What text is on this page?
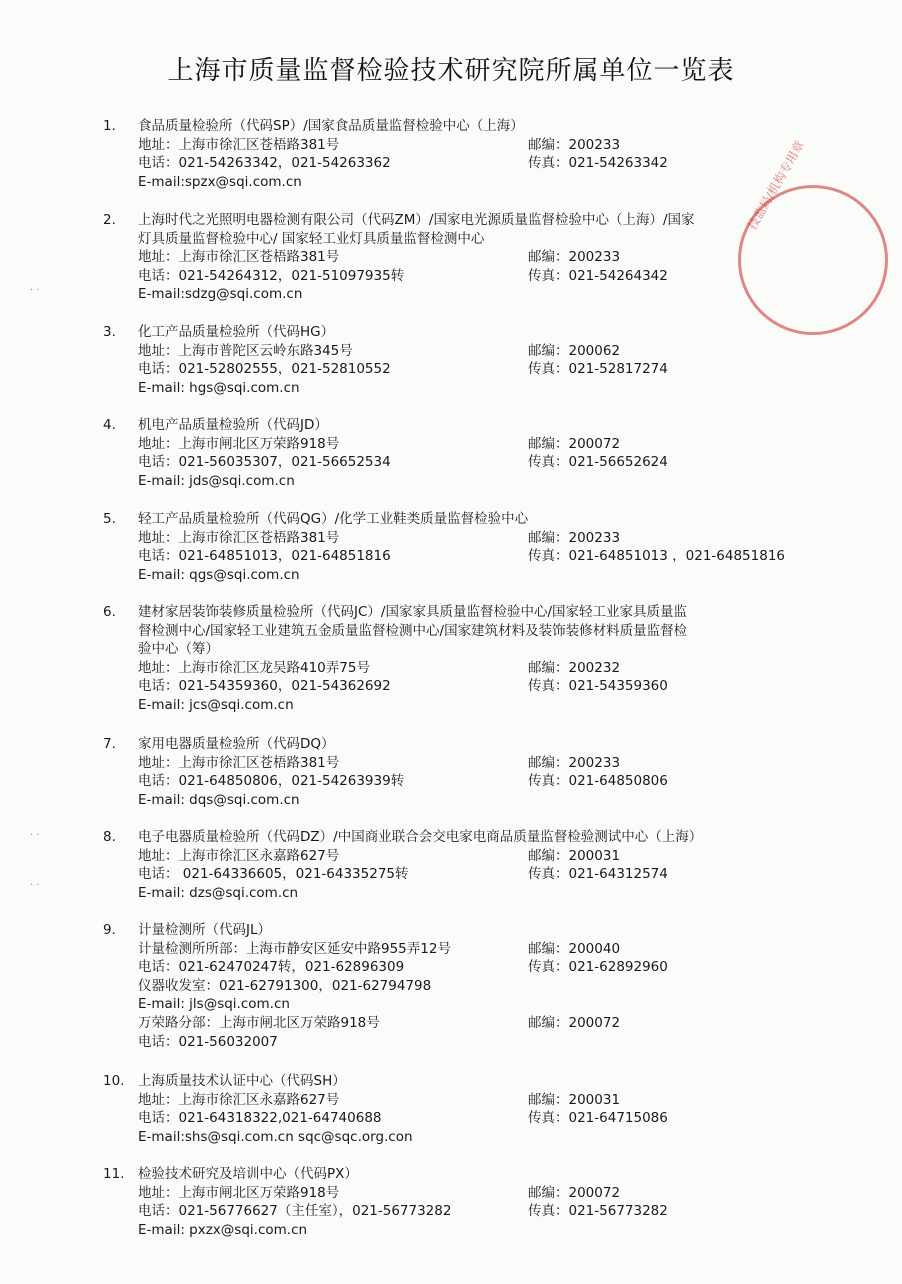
上海市质量监督检验技术研究院所属单位一览表
技监局/机构专用章
· ·
· ·
· ·
1.	食品质量检验所（代码SP）/国家食品质量监督检验中心（上海）
地址：上海市徐汇区苍梧路381号	邮编：200233
电话：021-54263342，021-54263362	传真：021-54263342
E-mail:spzx@sqi.com.cn
2.	上海时代之光照明电器检测有限公司（代码ZM）/国家电光源质量监督检验中心（上海）/国家
灯具质量监督检验中心/ 国家轻工业灯具质量监督检测中心
地址：上海市徐汇区苍梧路381号	邮编：200233
电话：021-54264312，021-51097935转	传真：021-54264342
E-mail:sdzg@sqi.com.cn
3.	化工产品质量检验所（代码HG）
地址：上海市普陀区云岭东路345号	邮编：200062
电话：021-52802555，021-52810552	传真：021-52817274
E-mail: hgs@sqi.com.cn
4.	机电产品质量检验所（代码JD）
地址：上海市闸北区万荣路918号	邮编：200072
电话：021-56035307，021-56652534	传真：021-56652624
E-mail: jds@sqi.com.cn
5.	轻工产品质量检验所（代码QG）/化学工业鞋类质量监督检验中心
地址：上海市徐汇区苍梧路381号	邮编：200233
电话：021-64851013，021-64851816	传真：021-64851013 ，021-64851816
E-mail: qgs@sqi.com.cn
6.	建材家居装饰装修质量检验所（代码JC）/国家家具质量监督检验中心/国家轻工业家具质量监
督检测中心/国家轻工业建筑五金质量监督检测中心/国家建筑材料及装饰装修材料质量监督检
验中心（筹）
地址：上海市徐汇区龙吴路410弄75号	邮编：200232
电话：021-54359360，021-54362692	传真：021-54359360
E-mail: jcs@sqi.com.cn
7.	家用电器质量检验所（代码DQ）
地址：上海市徐汇区苍梧路381号	邮编：200233
电话：021-64850806，021-54263939转	传真：021-64850806
E-mail: dqs@sqi.com.cn
8.	电子电器质量检验所（代码DZ）/中国商业联合会交电家电商品质量监督检验测试中心（上海）
地址：上海市徐汇区永嘉路627号	邮编：200031
电话： 021-64336605，021-64335275转	传真：021-64312574
E-mail: dzs@sqi.com.cn
9.	计量检测所（代码JL）
计量检测所所部：上海市静安区延安中路955弄12号	邮编：200040
电话：021-62470247转，021-62896309	传真：021-62892960
仪器收发室：021-62791300，021-62794798
E-mail: jls@sqi.com.cn
万荣路分部：上海市闸北区万荣路918号	邮编：200072
电话：021-56032007
10.	上海质量技术认证中心（代码SH）
地址：上海市徐汇区永嘉路627号	邮编：200031
电话：021-64318322,021-64740688	传真：021-64715086
E-mail:shs@sqi.com.cn sqc@sqc.org.con
11.	检验技术研究及培训中心（代码PX）
地址：上海市闸北区万荣路918号	邮编：200072
电话：021-56776627（主任室），021-56773282	传真：021-56773282
E-mail: pxzx@sqi.com.cn
